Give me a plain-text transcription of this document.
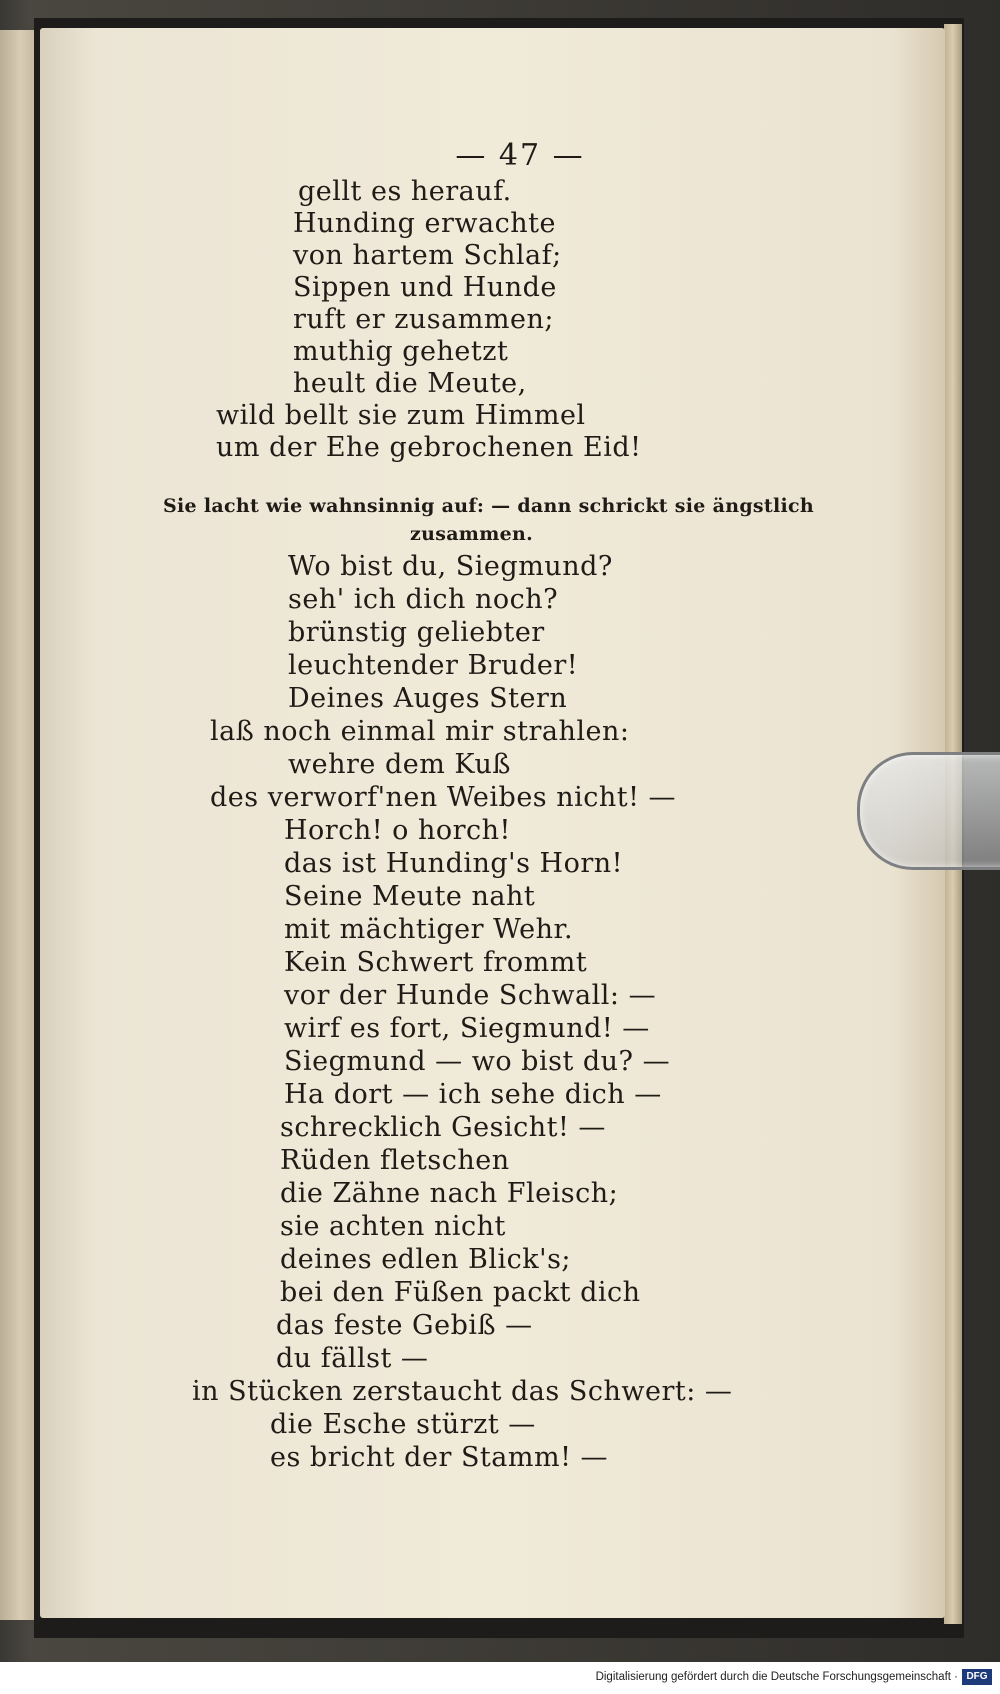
— 47 —
gellt es herauf.
Hunding erwachte
von hartem Schlaf;
Sippen und Hunde
ruft er zusammen;
muthig gehetzt
heult die Meute,
wild bellt sie zum Himmel
um der Ehe gebrochenen Eid!
Sie lacht wie wahnsinnig auf: — dann schrickt sie ängstlich
zusammen.
Wo bist du, Siegmund?
seh' ich dich noch?
brünstig geliebter
leuchtender Bruder!
Deines Auges Stern
laß noch einmal mir strahlen:
wehre dem Kuß
des verworf'nen Weibes nicht! —
Horch! o horch!
das ist Hunding's Horn!
Seine Meute naht
mit mächtiger Wehr.
Kein Schwert frommt
vor der Hunde Schwall: —
wirf es fort, Siegmund! —
Siegmund — wo bist du? —
Ha dort — ich sehe dich —
schrecklich Gesicht! —
Rüden fletschen
die Zähne nach Fleisch;
sie achten nicht
deines edlen Blick's;
bei den Füßen packt dich
das feste Gebiß —
du fällst —
in Stücken zerstaucht das Schwert: —
die Esche stürzt —
es bricht der Stamm! —
Digitalisierung gefördert durch die Deutsche Forschungsgemeinschaft · DFG
